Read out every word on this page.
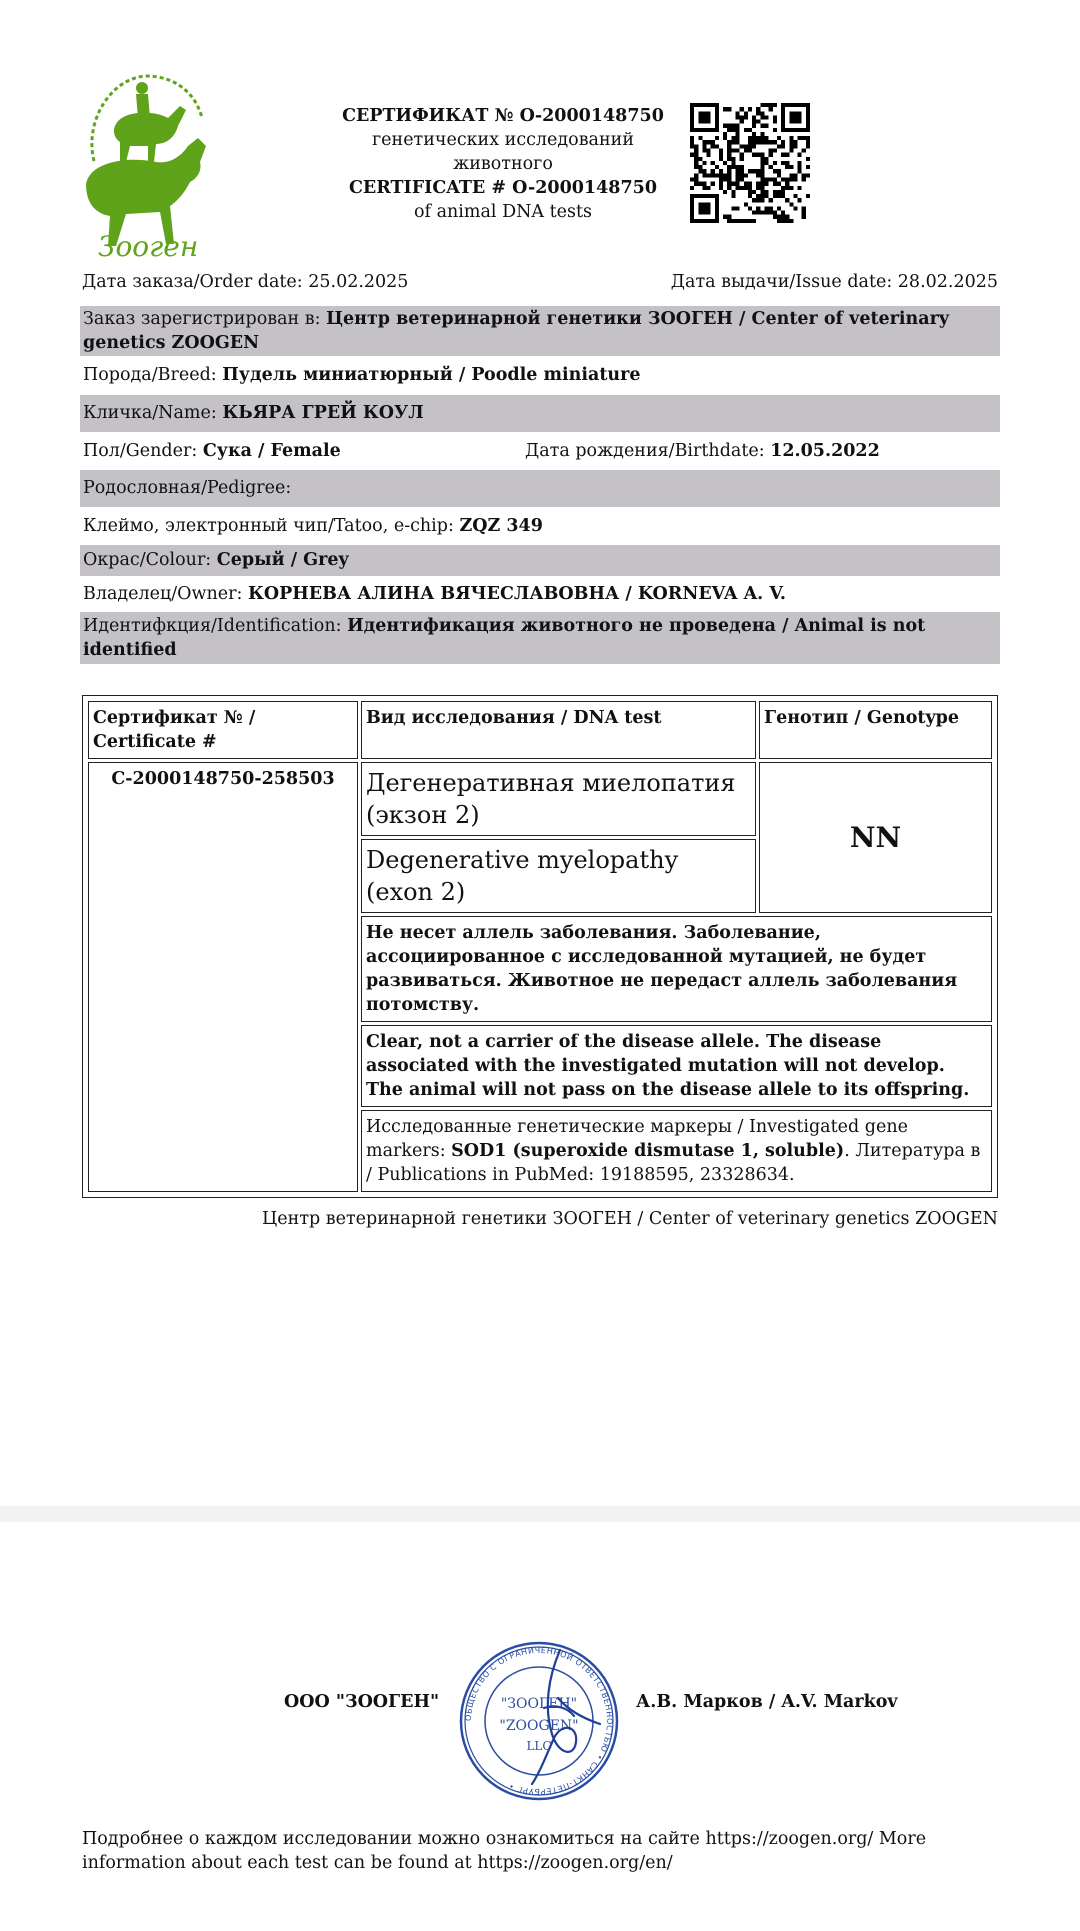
Зооген
СЕРТИФИКАТ № О-2000148750
генетических исследований
животного
CERTIFICATE # O-2000148750
of animal DNA tests
Дата заказа/Order date: 25.02.2025	Дата выдачи/Issue date: 28.02.2025
Заказ зарегистрирован в: Центр ветеринарной генетики ЗООГЕН / Center of veterinary genetics ZOOGEN
Порода/Breed: Пудель миниатюрный / Poodle miniature
Кличка/Name: КЬЯРА ГРЕЙ КОУЛ
Пол/Gender: Сука / Female	Дата рождения/Birthdate: 12.05.2022
Родословная/Pedigree:
Клеймо, электронный чип/Tatoo, e-chip: ZQZ 349
Окрас/Colour: Серый / Grey
Владелец/Owner: КОРНЕВА АЛИНА ВЯЧЕСЛАВОВНА / KORNEVA A. V.
Идентифкция/Identification: Идентификация животного не проведена / Animal is not identified
Сертификат № / Certificate #	Вид исследования / DNA test	Генотип / Genotype
C-2000148750-258503	Дегенеративная миелопатия (экзон 2)	NN
	Degenerative myelopathy (exon 2)	
	Не несет аллель заболевания. Заболевание, ассоциированное с исследованной мутацией, не будет развиваться. Животное не передаст аллель заболевания потомству.	
	Clear, not a carrier of the disease allele. The disease associated with the investigated mutation will not develop. The animal will not pass on the disease allele to its offspring.	
	Исследованные генетические маркеры / Investigated gene markers: SOD1 (superoxide dismutase 1, soluble). Литература в / Publications in PubMed: 19188595, 23328634.	
Центр ветеринарной генетики ЗООГЕН / Center of veterinary genetics ZOOGEN
ООО "ЗООГЕН"
ОБЩЕСТВО С ОГРАНИЧЕННОЙ ОТВЕТСТВЕННОСТЬЮ • САНКТ-ПЕТЕРБУРГ •
"ЗООГЕН"
"ZOOGEN"
LLC
А.В. Марков / A.V. Markov
Подробнее о каждом исследовании можно ознакомиться на сайте https://zoogen.org/ More information about each test can be found at https://zoogen.org/en/
